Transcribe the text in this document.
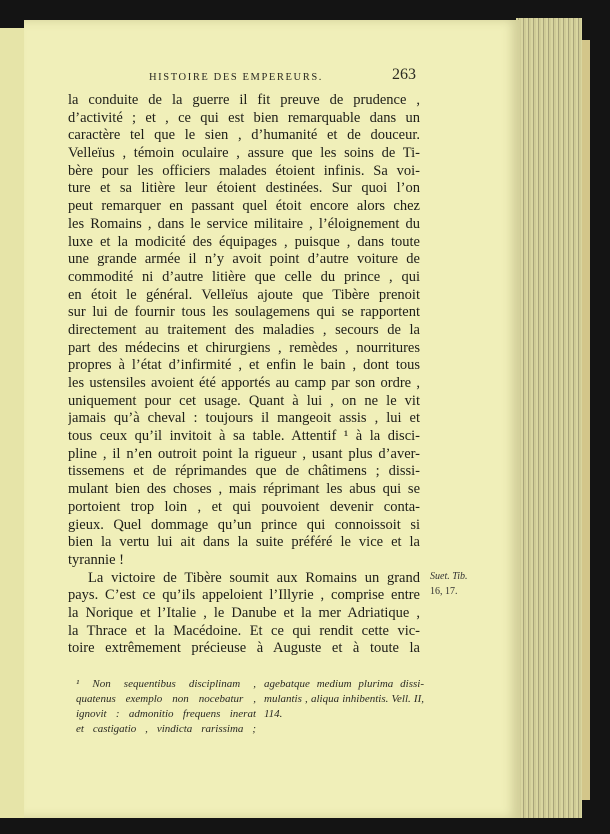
HISTOIRE DES EMPEREURS.	263
la conduite de la guerre il fit preuve de prudence ,
d’activité ; et , ce qui est bien remarquable dans un
caractère tel que le sien , d’humanité et de douceur.
Velleïus , témoin oculaire , assure que les soins de Ti-
bère pour les officiers malades étoient infinis. Sa voi-
ture et sa litière leur étoient destinées. Sur quoi l’on
peut remarquer en passant quel étoit encore alors chez
les Romains , dans le service militaire , l’éloignement du
luxe et la modicité des équipages , puisque , dans toute
une grande armée il n’y avoit point d’autre voiture de
commodité ni d’autre litière que celle du prince , qui
en étoit le général. Velleïus ajoute que Tibère prenoit
sur lui de fournir tous les soulagemens qui se rapportent
directement au traitement des maladies , secours de la
part des médecins et chirurgiens , remèdes , nourritures
propres à l’état d’infirmité , et enfin le bain , dont tous
les ustensiles avoient été apportés au camp par son ordre ,
uniquement pour cet usage. Quant à lui , on ne le vit
jamais qu’à cheval : toujours il mangeoit assis , lui et
tous ceux qu’il invitoit à sa table. Attentif ¹ à la disci-
pline , il n’en outroit point la rigueur , usant plus d’aver-
tissemens et de réprimandes que de châtimens ; dissi-
mulant bien des choses , mais réprimant les abus qui se
portoient trop loin , et qui pouvoient devenir conta-
gieux. Quel dommage qu’un prince qui connoissoit si
bien la vertu lui ait dans la suite préféré le vice et la
tyrannie !
La victoire de Tibère soumit aux Romains un grand
pays. C’est ce qu’ils appeloient l’Illyrie , comprise entre
la Norique et l’Italie , le Danube et la mer Adriatique ,
la Thrace et la Macédoine. Et ce qui rendit cette vic-
toire extrêmement précieuse à Auguste et à toute la
Suet. Tib.
16, 17.
¹ Non sequentibus disciplinam ,
quatenus exemplo non nocebatur ,
ignovit : admonitio frequens inerat
et castigatio , vindicta rarissima ;
agebatque medium plurima dissi-
mulantis , aliqua inhibentis. Vell. II,
114.
